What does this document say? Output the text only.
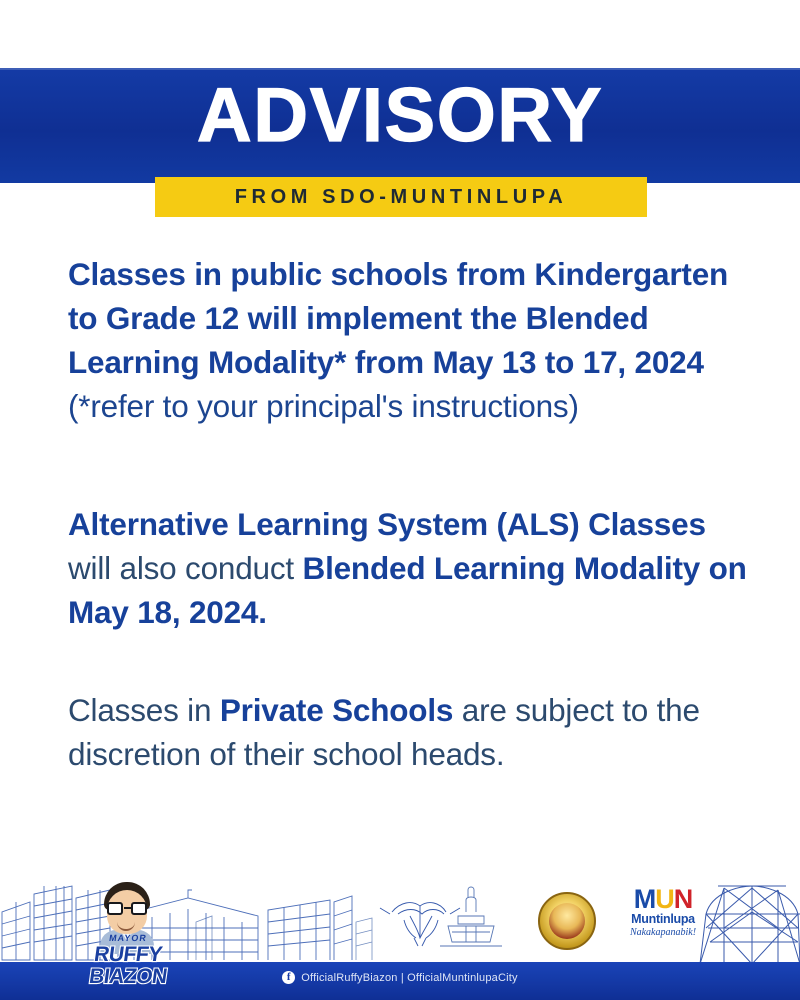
ADVISORY
FROM SDO-MUNTINLUPA

Classes in public schools from Kindergarten to Grade 12 will implement the Blended Learning Modality* from May 13 to 17, 2024 (*refer to your principal's instructions)

Alternative Learning System (ALS) Classes will also conduct Blended Learning Modality on May 18, 2024.

Classes in Private Schools are subject to the discretion of their school heads.

MAYOR
RUFFY
BIAZON
MUN
Muntinlupa
Nakakapanabik!
f OfficialRuffyBiazon | OfficialMuntinlupaCity
